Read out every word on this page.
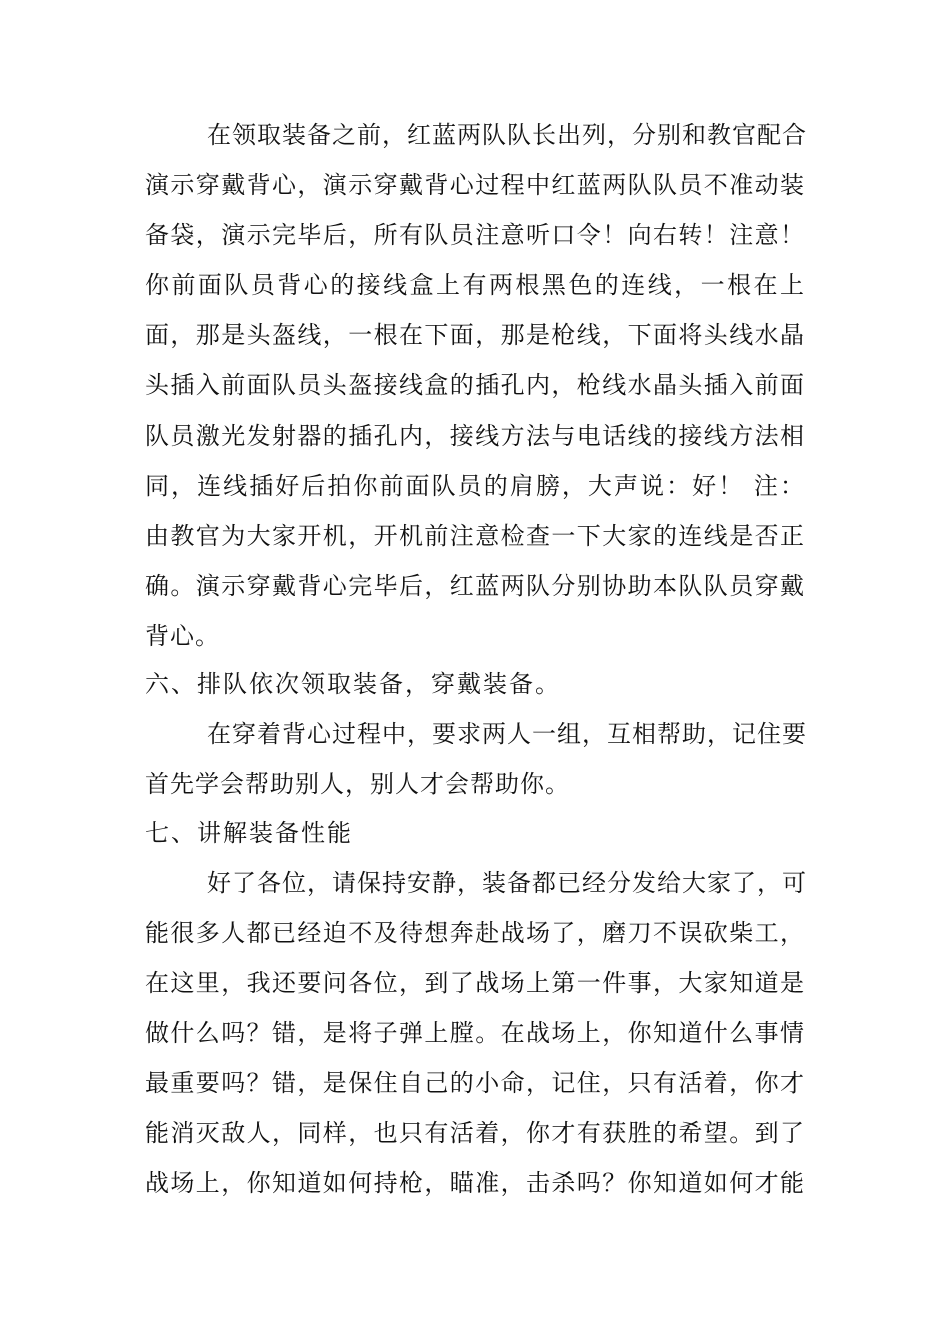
在领取装备之前，红蓝两队队长出列，分别和教官配合
演示穿戴背心，演示穿戴背心过程中红蓝两队队员不准动装
备袋，演示完毕后，所有队员注意听口令！向右转！注意！
你前面队员背心的接线盒上有两根黑色的连线，一根在上
面，那是头盔线，一根在下面，那是枪线，下面将头线水晶
头插入前面队员头盔接线盒的插孔内，枪线水晶头插入前面
队员激光发射器的插孔内，接线方法与电话线的接线方法相
同，连线插好后拍你前面队员的肩膀，大声说：好！ 注：
由教官为大家开机，开机前注意检查一下大家的连线是否正
确。演示穿戴背心完毕后，红蓝两队分别协助本队队员穿戴
背心。
六、排队依次领取装备，穿戴装备。
在穿着背心过程中，要求两人一组，互相帮助，记住要
首先学会帮助别人，别人才会帮助你。
七、讲解装备性能
好了各位，请保持安静，装备都已经分发给大家了，可
能很多人都已经迫不及待想奔赴战场了，磨刀不误砍柴工，
在这里，我还要问各位，到了战场上第一件事，大家知道是
做什么吗？错，是将子弹上膛。在战场上，你知道什么事情
最重要吗？错，是保住自己的小命，记住，只有活着，你才
能消灭敌人，同样，也只有活着，你才有获胜的希望。到了
战场上，你知道如何持枪，瞄准，击杀吗？你知道如何才能
